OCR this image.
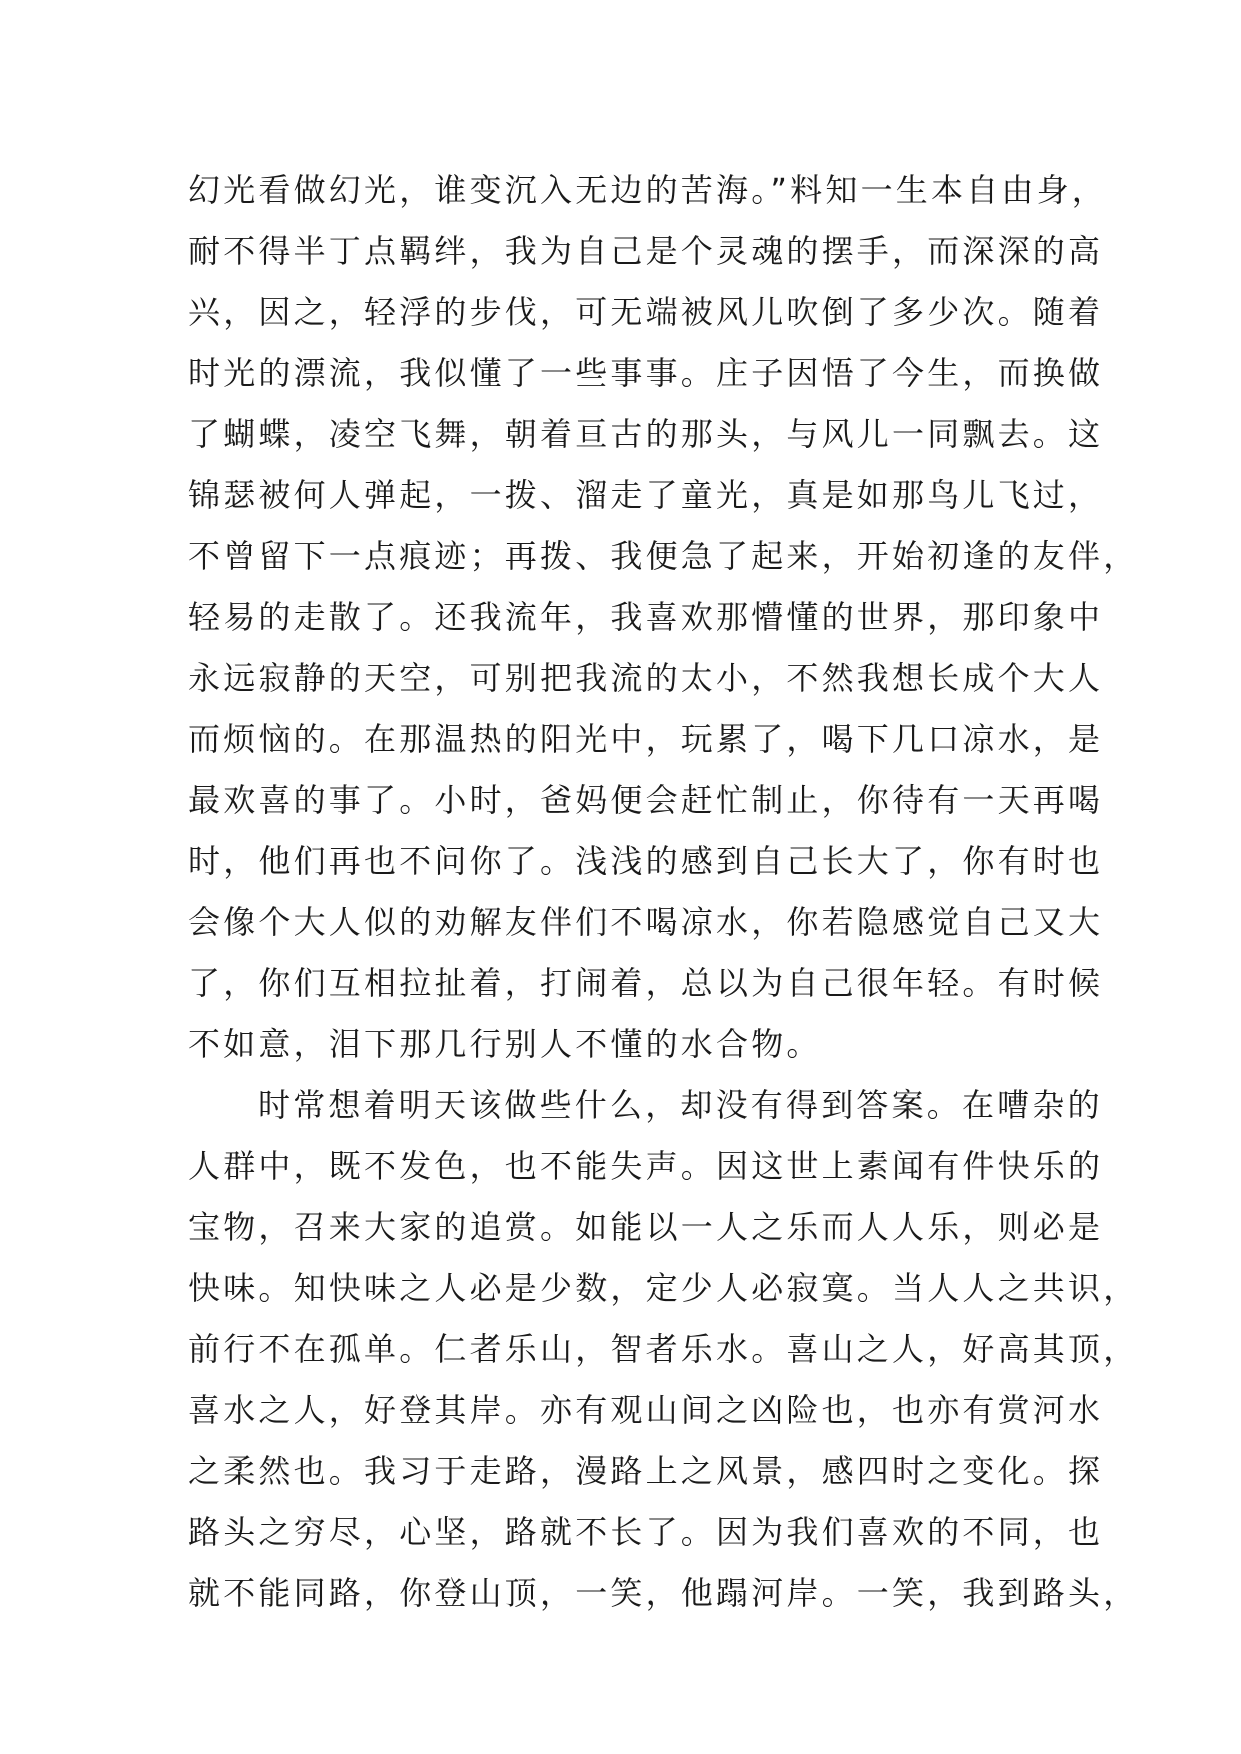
幻光看做幻光，谁变沉入无边的苦海。”料知一生本自由身，
耐不得半丁点羁绊，我为自己是个灵魂的摆手，而深深的高
兴，因之，轻浮的步伐，可无端被风儿吹倒了多少次。随着
时光的漂流，我似懂了一些事事。庄子因悟了今生，而换做
了蝴蝶，凌空飞舞，朝着亘古的那头，与风儿一同飘去。这
锦瑟被何人弹起，一拨、溜走了童光，真是如那鸟儿飞过，
不曾留下一点痕迹；再拨、我便急了起来，开始初逢的友伴，
轻易的走散了。还我流年，我喜欢那懵懂的世界，那印象中
永远寂静的天空，可别把我流的太小，不然我想长成个大人
而烦恼的。在那温热的阳光中，玩累了，喝下几口凉水，是
最欢喜的事了。小时，爸妈便会赶忙制止，你待有一天再喝
时，他们再也不问你了。浅浅的感到自己长大了，你有时也
会像个大人似的劝解友伴们不喝凉水，你若隐感觉自己又大
了，你们互相拉扯着，打闹着，总以为自己很年轻。有时候
不如意，泪下那几行别人不懂的水合物。
时常想着明天该做些什么，却没有得到答案。在嘈杂的
人群中，既不发色，也不能失声。因这世上素闻有件快乐的
宝物，召来大家的追赏。如能以一人之乐而人人乐，则必是
快味。知快味之人必是少数，定少人必寂寞。当人人之共识，
前行不在孤单。仁者乐山，智者乐水。喜山之人，好高其顶，
喜水之人，好登其岸。亦有观山间之凶险也，也亦有赏河水
之柔然也。我习于走路，漫路上之风景，感四时之变化。探
路头之穷尽，心坚，路就不长了。因为我们喜欢的不同，也
就不能同路，你登山顶，一笑，他蹋河岸。一笑，我到路头，
